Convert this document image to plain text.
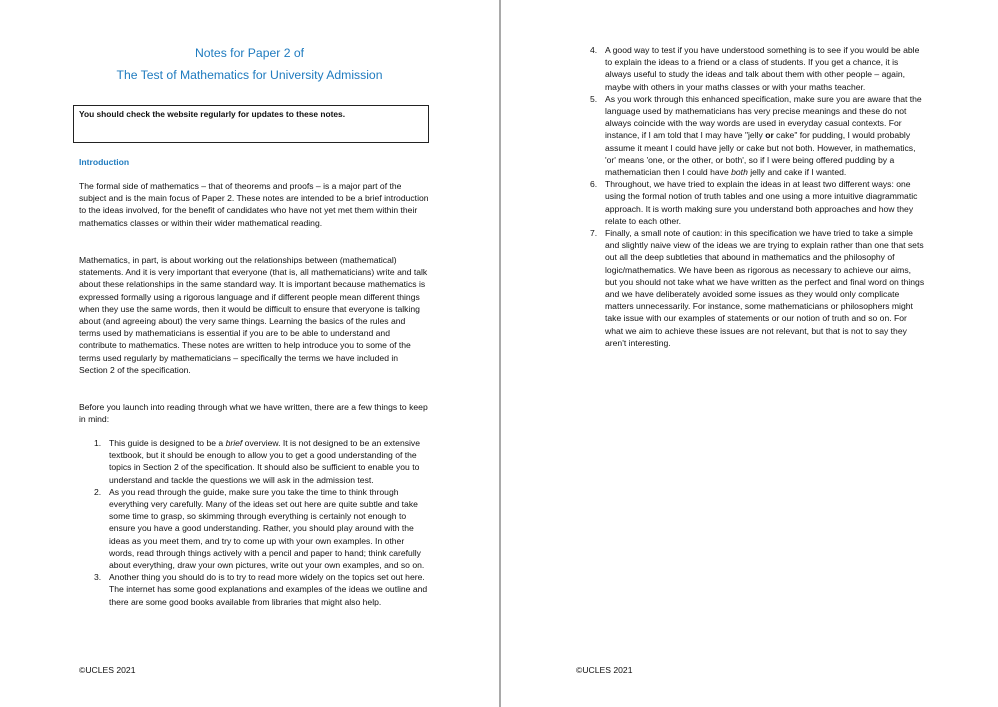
Notes for Paper 2 of
The Test of Mathematics for University Admission
You should check the website regularly for updates to these notes.
Introduction

The formal side of mathematics – that of theorems and proofs – is a major part of the subject and is the main focus of Paper 2. These notes are intended to be a brief introduction to the ideas involved, for the benefit of candidates who have not yet met them within their mathematics classes or within their wider mathematical reading.

Mathematics, in part, is about working out the relationships between (mathematical) statements. And it is very important that everyone (that is, all mathematicians) write and talk about these relationships in the same standard way. It is important because mathematics is expressed formally using a rigorous language and if different people mean different things when they use the same words, then it would be difficult to ensure that everyone is talking about (and agreeing about) the very same things. Learning the basics of the rules and terms used by mathematicians is essential if you are to be able to understand and contribute to mathematics. These notes are written to help introduce you to some of the terms used regularly by mathematicians – specifically the terms we have included in Section 2 of the specification.

Before you launch into reading through what we have written, there are a few things to keep in mind:

1. This guide is designed to be a brief overview. It is not designed to be an extensive textbook, but it should be enough to allow you to get a good understanding of the topics in Section 2 of the specification. It should also be sufficient to enable you to understand and tackle the questions we will ask in the admission test.
2. As you read through the guide, make sure you take the time to think through everything very carefully. Many of the ideas set out here are quite subtle and take some time to grasp, so skimming through everything is certainly not enough to ensure you have a good understanding. Rather, you should play around with the ideas as you meet them, and try to come up with your own examples. In other words, read through things actively with a pencil and paper to hand; think carefully about everything, draw your own pictures, write out your own examples, and so on.
3. Another thing you should do is to try to read more widely on the topics set out here. The internet has some good explanations and examples of the ideas we outline and there are some good books available from libraries that might also help.
©UCLES 2021
4. A good way to test if you have understood something is to see if you would be able to explain the ideas to a friend or a class of students. If you get a chance, it is always useful to study the ideas and talk about them with other people – again, maybe with others in your maths classes or with your maths teacher.
5. As you work through this enhanced specification, make sure you are aware that the language used by mathematicians has very precise meanings and these do not always coincide with the way words are used in everyday casual contexts. For instance, if I am told that I may have "jelly or cake" for pudding, I would probably assume it meant I could have jelly or cake but not both. However, in mathematics, 'or' means 'one, or the other, or both', so if I were being offered pudding by a mathematician then I could have both jelly and cake if I wanted.
6. Throughout, we have tried to explain the ideas in at least two different ways: one using the formal notion of truth tables and one using a more intuitive diagrammatic approach. It is worth making sure you understand both approaches and how they relate to each other.
7. Finally, a small note of caution: in this specification we have tried to take a simple and slightly naive view of the ideas we are trying to explain rather than one that sets out all the deep subtleties that abound in mathematics and the philosophy of logic/mathematics. We have been as rigorous as necessary to achieve our aims, but you should not take what we have written as the perfect and final word on things and we have deliberately avoided some issues as they would only complicate matters unnecessarily. For instance, some mathematicians or philosophers might take issue with our examples of statements or our notion of truth and so on. For what we aim to achieve these issues are not relevant, but that is not to say they aren't interesting.
©UCLES 2021
